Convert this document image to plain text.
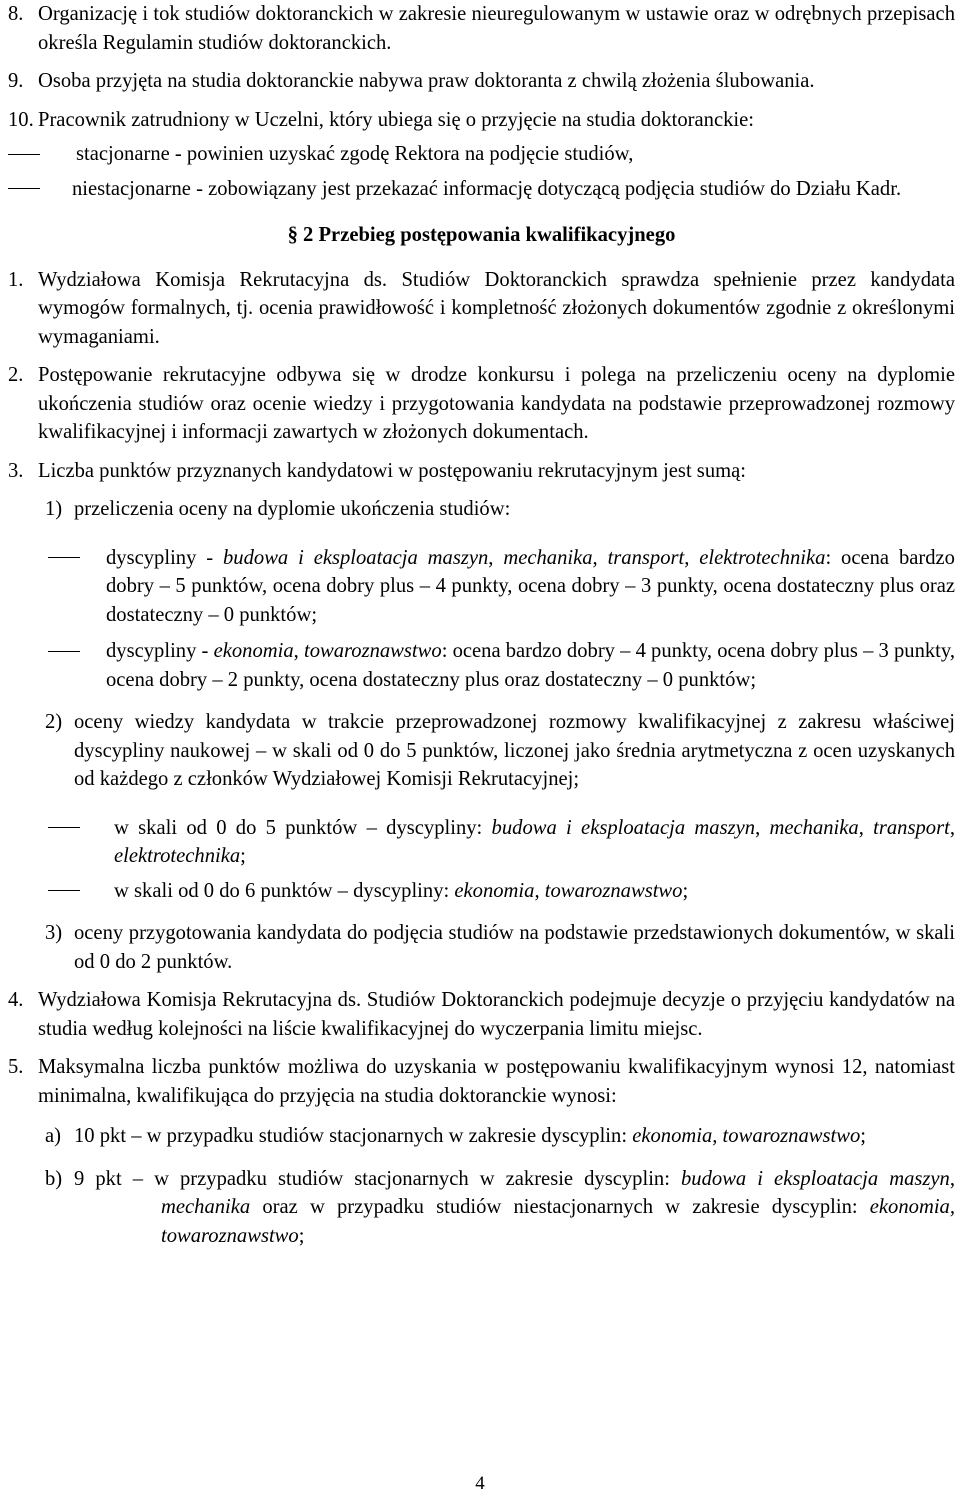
8. Organizację i tok studiów doktoranckich w zakresie nieuregulowanym w ustawie oraz w odrębnych przepisach określa Regulamin studiów doktoranckich.
9. Osoba przyjęta na studia doktoranckie nabywa praw doktoranta z chwilą złożenia ślubowania.
10. Pracownik zatrudniony w Uczelni, który ubiega się o przyjęcie na studia doktoranckie:
stacjonarne - powinien uzyskać zgodę Rektora na podjęcie studiów,
niestacjonarne - zobowiązany jest przekazać informację dotyczącą podjęcia studiów do Działu Kadr.

§ 2 Przebieg postępowania kwalifikacyjnego

1. Wydziałowa Komisja Rekrutacyjna ds. Studiów Doktoranckich sprawdza spełnienie przez kandydata wymogów formalnych, tj. ocenia prawidłowość i kompletność złożonych dokumentów zgodnie z określonymi wymaganiami.
2. Postępowanie rekrutacyjne odbywa się w drodze konkursu i polega na przeliczeniu oceny na dyplomie ukończenia studiów oraz ocenie wiedzy i przygotowania kandydata na podstawie przeprowadzonej rozmowy kwalifikacyjnej i informacji zawartych w złożonych dokumentach.
3. Liczba punktów przyznanych kandydatowi w postępowaniu rekrutacyjnym jest sumą:
1) przeliczenia oceny na dyplomie ukończenia studiów:
dyscypliny - budowa i eksploatacja maszyn, mechanika, transport, elektrotechnika: ocena bardzo dobry – 5 punktów, ocena dobry plus – 4 punkty, ocena dobry – 3 punkty, ocena dostateczny plus oraz dostateczny – 0 punktów;
dyscypliny - ekonomia, towaroznawstwo: ocena bardzo dobry – 4 punkty, ocena dobry plus – 3 punkty, ocena dobry – 2 punkty, ocena dostateczny plus oraz dostateczny – 0 punktów;
2) oceny wiedzy kandydata w trakcie przeprowadzonej rozmowy kwalifikacyjnej z zakresu właściwej dyscypliny naukowej – w skali od 0 do 5 punktów, liczonej jako średnia arytmetyczna z ocen uzyskanych od każdego z członków Wydziałowej Komisji Rekrutacyjnej;
w skali od 0 do 5 punktów – dyscypliny: budowa i eksploatacja maszyn, mechanika, transport, elektrotechnika;
w skali od 0 do 6 punktów – dyscypliny: ekonomia, towaroznawstwo;
3) oceny przygotowania kandydata do podjęcia studiów na podstawie przedstawionych dokumentów, w skali od 0 do 2 punktów.
4. Wydziałowa Komisja Rekrutacyjna ds. Studiów Doktoranckich podejmuje decyzje o przyjęciu kandydatów na studia według kolejności na liście kwalifikacyjnej do wyczerpania limitu miejsc.
5. Maksymalna liczba punktów możliwa do uzyskania w postępowaniu kwalifikacyjnym wynosi 12, natomiast minimalna, kwalifikująca do przyjęcia na studia doktoranckie wynosi:
a) 10 pkt – w przypadku studiów stacjonarnych w zakresie dyscyplin: ekonomia, towaroznawstwo;
b) 9 pkt – w przypadku studiów stacjonarnych w zakresie dyscyplin: budowa i eksploatacja maszyn, mechanika oraz w przypadku studiów niestacjonarnych w zakresie dyscyplin: ekonomia, towaroznawstwo;
4
